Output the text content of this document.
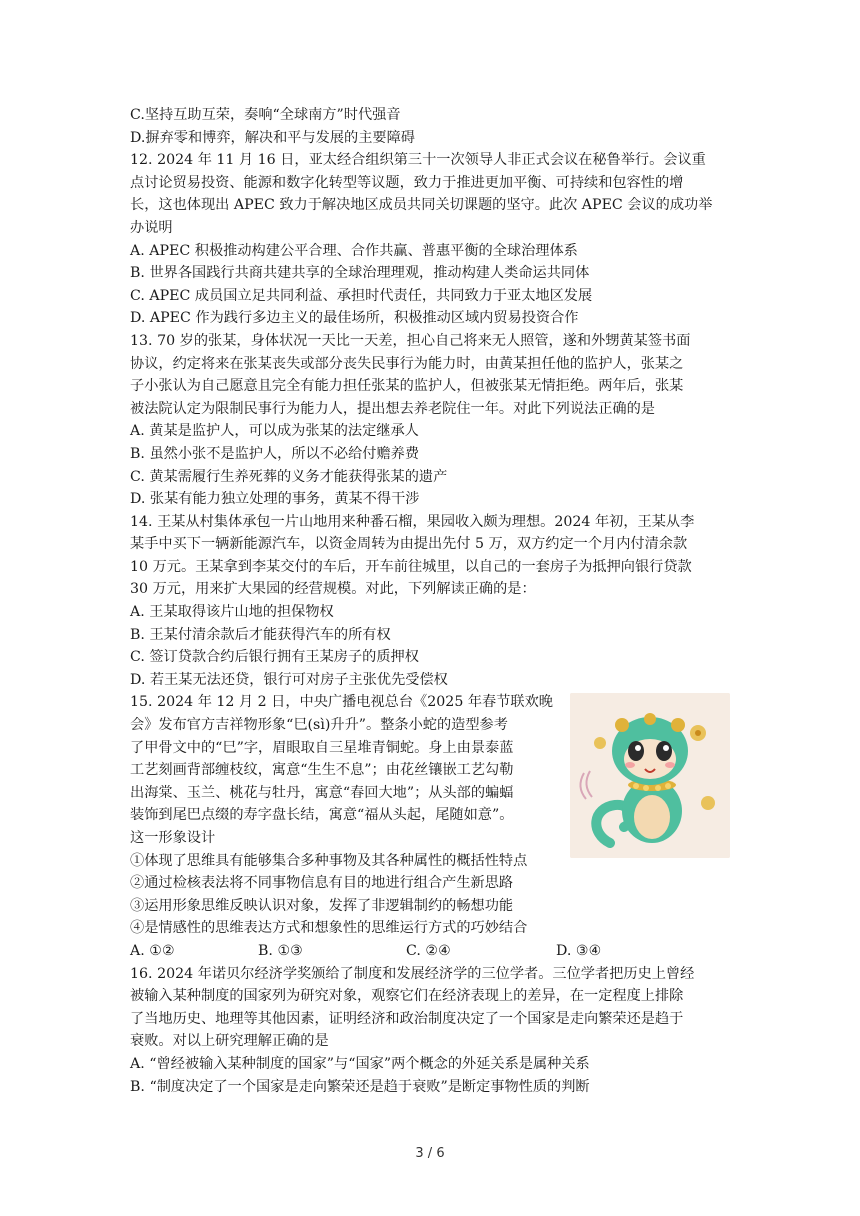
C.坚持互助互荣，奏响“全球南方”时代强音
D.摒弃零和博弈，解决和平与发展的主要障碍
12. 2024 年 11 月 16 日，亚太经合组织第三十一次领导人非正式会议在秘鲁举行。会议重
点讨论贸易投资、能源和数字化转型等议题，致力于推进更加平衡、可持续和包容性的增
长，这也体现出 APEC 致力于解决地区成员共同关切课题的坚守。此次 APEC 会议的成功举
办说明
A. APEC 积极推动构建公平合理、合作共赢、普惠平衡的全球治理体系
B. 世界各国践行共商共建共享的全球治理理观，推动构建人类命运共同体
C. APEC 成员国立足共同利益、承担时代责任，共同致力于亚太地区发展
D. APEC 作为践行多边主义的最佳场所，积极推动区域内贸易投资合作
13. 70 岁的张某，身体状况一天比一天差，担心自己将来无人照管，遂和外甥黄某签书面
协议，约定将来在张某丧失或部分丧失民事行为能力时，由黄某担任他的监护人，张某之
子小张认为自己愿意且完全有能力担任张某的监护人，但被张某无情拒绝。两年后，张某
被法院认定为限制民事行为能力人，提出想去养老院住一年。对此下列说法正确的是
A. 黄某是监护人，可以成为张某的法定继承人
B. 虽然小张不是监护人，所以不必给付赡养费
C. 黄某需履行生养死葬的义务才能获得张某的遗产
D. 张某有能力独立处理的事务，黄某不得干涉
14. 王某从村集体承包一片山地用来种番石榴，果园收入颇为理想。2024 年初，王某从李
某手中买下一辆新能源汽车，以资金周转为由提出先付 5 万，双方约定一个月内付清余款
10 万元。王某拿到李某交付的车后，开车前往城里，以自己的一套房子为抵押向银行贷款
30 万元，用来扩大果园的经营规模。对此，下列解读正确的是：
A. 王某取得该片山地的担保物权
B. 王某付清余款后才能获得汽车的所有权
C. 签订贷款合约后银行拥有王某房子的质押权
D. 若王某无法还贷，银行可对房子主张优先受偿权
15. 2024 年 12 月 2 日，中央广播电视总台《2025 年春节联欢晚
会》发布官方吉祥物形象“巳(sì)升升”。整条小蛇的造型参考
了甲骨文中的“巳”字，眉眼取自三星堆青铜蛇。身上由景泰蓝
工艺刻画背部缠枝纹，寓意“生生不息”；由花丝镶嵌工艺勾勒
出海棠、玉兰、桃花与牡丹，寓意“春回大地”；从头部的蝙蝠
装饰到尾巴点缀的寿字盘长结，寓意“福从头起，尾随如意”。
这一形象设计
①体现了思维具有能够集合多种事物及其各种属性的概括性特点
②通过检核表法将不同事物信息有目的地进行组合产生新思路
③运用形象思维反映认识对象，发挥了非逻辑制约的畅想功能
④是情感性的思维表达方式和想象性的思维运行方式的巧妙结合
A. ①②	B. ①③	C. ②④	D. ③④
16. 2024 年诺贝尔经济学奖颁给了制度和发展经济学的三位学者。三位学者把历史上曾经
被输入某种制度的国家列为研究对象，观察它们在经济表现上的差异，在一定程度上排除
了当地历史、地理等其他因素，证明经济和政治制度决定了一个国家是走向繁荣还是趋于
衰败。对以上研究理解正确的是
A. “曾经被输入某种制度的国家”与“国家”两个概念的外延关系是属种关系
B. “制度决定了一个国家是走向繁荣还是趋于衰败”是断定事物性质的判断
3 / 6
